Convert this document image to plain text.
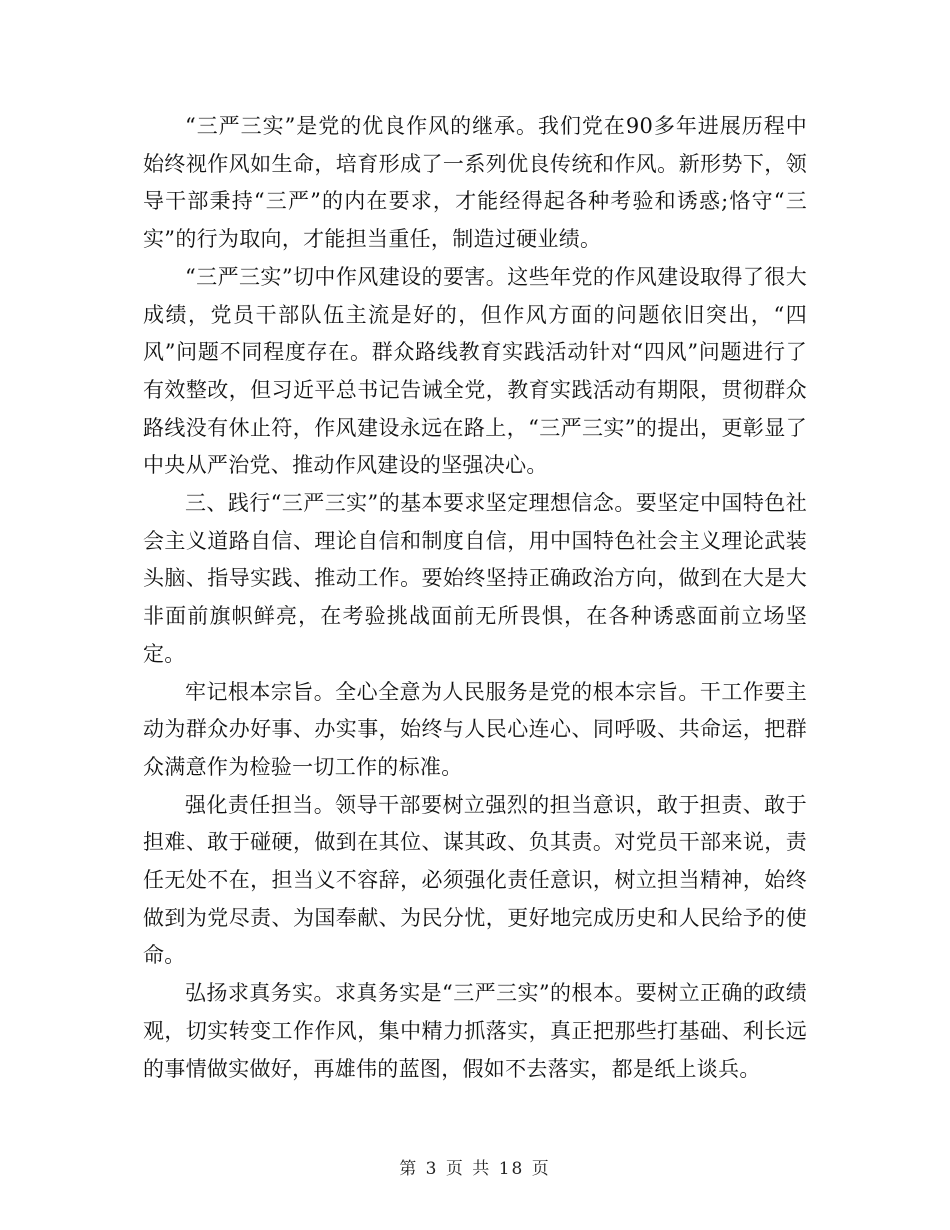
“三严三实”是党的优良作风的继承。我们党在90多年进展历程中始终视作风如生命，培育形成了一系列优良传统和作风。新形势下，领导干部秉持“三严”的内在要求，才能经得起各种考验和诱惑;恪守“三实”的行为取向，才能担当重任，制造过硬业绩。

“三严三实”切中作风建设的要害。这些年党的作风建设取得了很大成绩，党员干部队伍主流是好的，但作风方面的问题依旧突出，“四风”问题不同程度存在。群众路线教育实践活动针对“四风”问题进行了有效整改，但习近平总书记告诫全党，教育实践活动有期限，贯彻群众路线没有休止符，作风建设永远在路上，“三严三实”的提出，更彰显了中央从严治党、推动作风建设的坚强决心。

三、践行“三严三实”的基本要求坚定理想信念。要坚定中国特色社会主义道路自信、理论自信和制度自信，用中国特色社会主义理论武装头脑、指导实践、推动工作。要始终坚持正确政治方向，做到在大是大非面前旗帜鲜亮，在考验挑战面前无所畏惧，在各种诱惑面前立场坚定。

牢记根本宗旨。全心全意为人民服务是党的根本宗旨。干工作要主动为群众办好事、办实事，始终与人民心连心、同呼吸、共命运，把群众满意作为检验一切工作的标准。

强化责任担当。领导干部要树立强烈的担当意识，敢于担责、敢于担难、敢于碰硬，做到在其位、谋其政、负其责。对党员干部来说，责任无处不在，担当义不容辞，必须强化责任意识，树立担当精神，始终做到为党尽责、为国奉献、为民分忧，更好地完成历史和人民给予的使命。

弘扬求真务实。求真务实是“三严三实”的根本。要树立正确的政绩观，切实转变工作作风，集中精力抓落实，真正把那些打基础、利长远的事情做实做好，再雄伟的蓝图，假如不去落实，都是纸上谈兵。

第 3 页 共 18 页
